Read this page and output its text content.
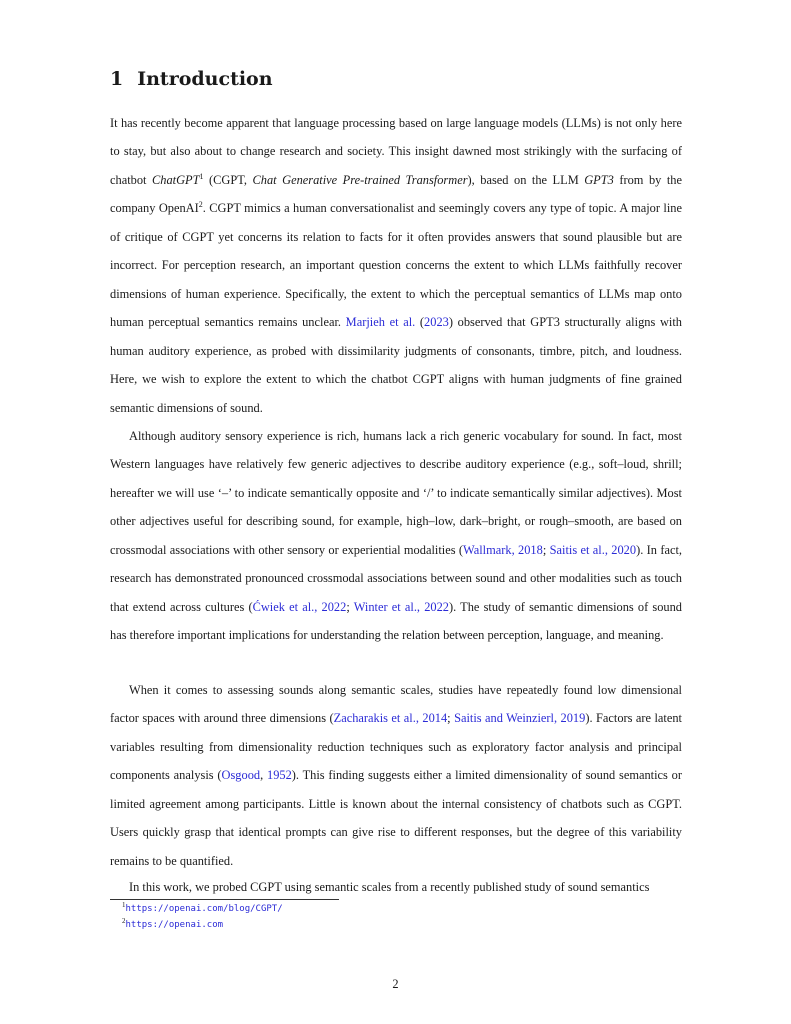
1 Introduction

It has recently become apparent that language processing based on large language models (LLMs) is not only here to stay, but also about to change research and society. This insight dawned most strikingly with the surfacing of chatbot ChatGPT$^1$ (CGPT, Chat Generative Pre-trained Transformer), based on the LLM GPT3 from by the company OpenAI$^2$. CGPT mimics a human conversationalist and seemingly covers any type of topic. A major line of critique of CGPT yet concerns its relation to facts for it often provides answers that sound plausible but are incorrect. For perception research, an important question concerns the extent to which LLMs faithfully recover dimensions of human experience. Specifically, the extent to which the perceptual semantics of LLMs map onto human perceptual semantics remains unclear. Marjieh et al. (2023) observed that GPT3 structurally aligns with human auditory experience, as probed with dissimilarity judgments of consonants, timbre, pitch, and loudness. Here, we wish to explore the extent to which the chatbot CGPT aligns with human judgments of fine grained semantic dimensions of sound.

Although auditory sensory experience is rich, humans lack a rich generic vocabulary for sound. In fact, most Western languages have relatively few generic adjectives to describe auditory experience (e.g., soft–loud, shrill; hereafter we will use ‘–’ to indicate semantically opposite and ‘/’ to indicate semantically similar adjectives). Most other adjectives useful for describing sound, for example, high–low, dark–bright, or rough–smooth, are based on crossmodal associations with other sensory or experiential modalities (Wallmark, 2018; Saitis et al., 2020). In fact, research has demonstrated pronounced crossmodal associations between sound and other modalities such as touch that extend across cultures (Ćwiek et al., 2022; Winter et al., 2022). The study of semantic dimensions of sound has therefore important implications for understanding the relation between perception, language, and meaning.

When it comes to assessing sounds along semantic scales, studies have repeatedly found low dimensional factor spaces with around three dimensions (Zacharakis et al., 2014; Saitis and Weinzierl, 2019). Factors are latent variables resulting from dimensionality reduction techniques such as exploratory factor analysis and principal components analysis (Osgood, 1952). This finding suggests either a limited dimensionality of sound semantics or limited agreement among participants. Little is known about the internal consistency of chatbots such as CGPT. Users quickly grasp that identical prompts can give rise to different responses, but the degree of this variability remains to be quantified.

In this work, we probed CGPT using semantic scales from a recently published study of sound semantics

$^1$https://openai.com/blog/CGPT/
$^2$https://openai.com
2
